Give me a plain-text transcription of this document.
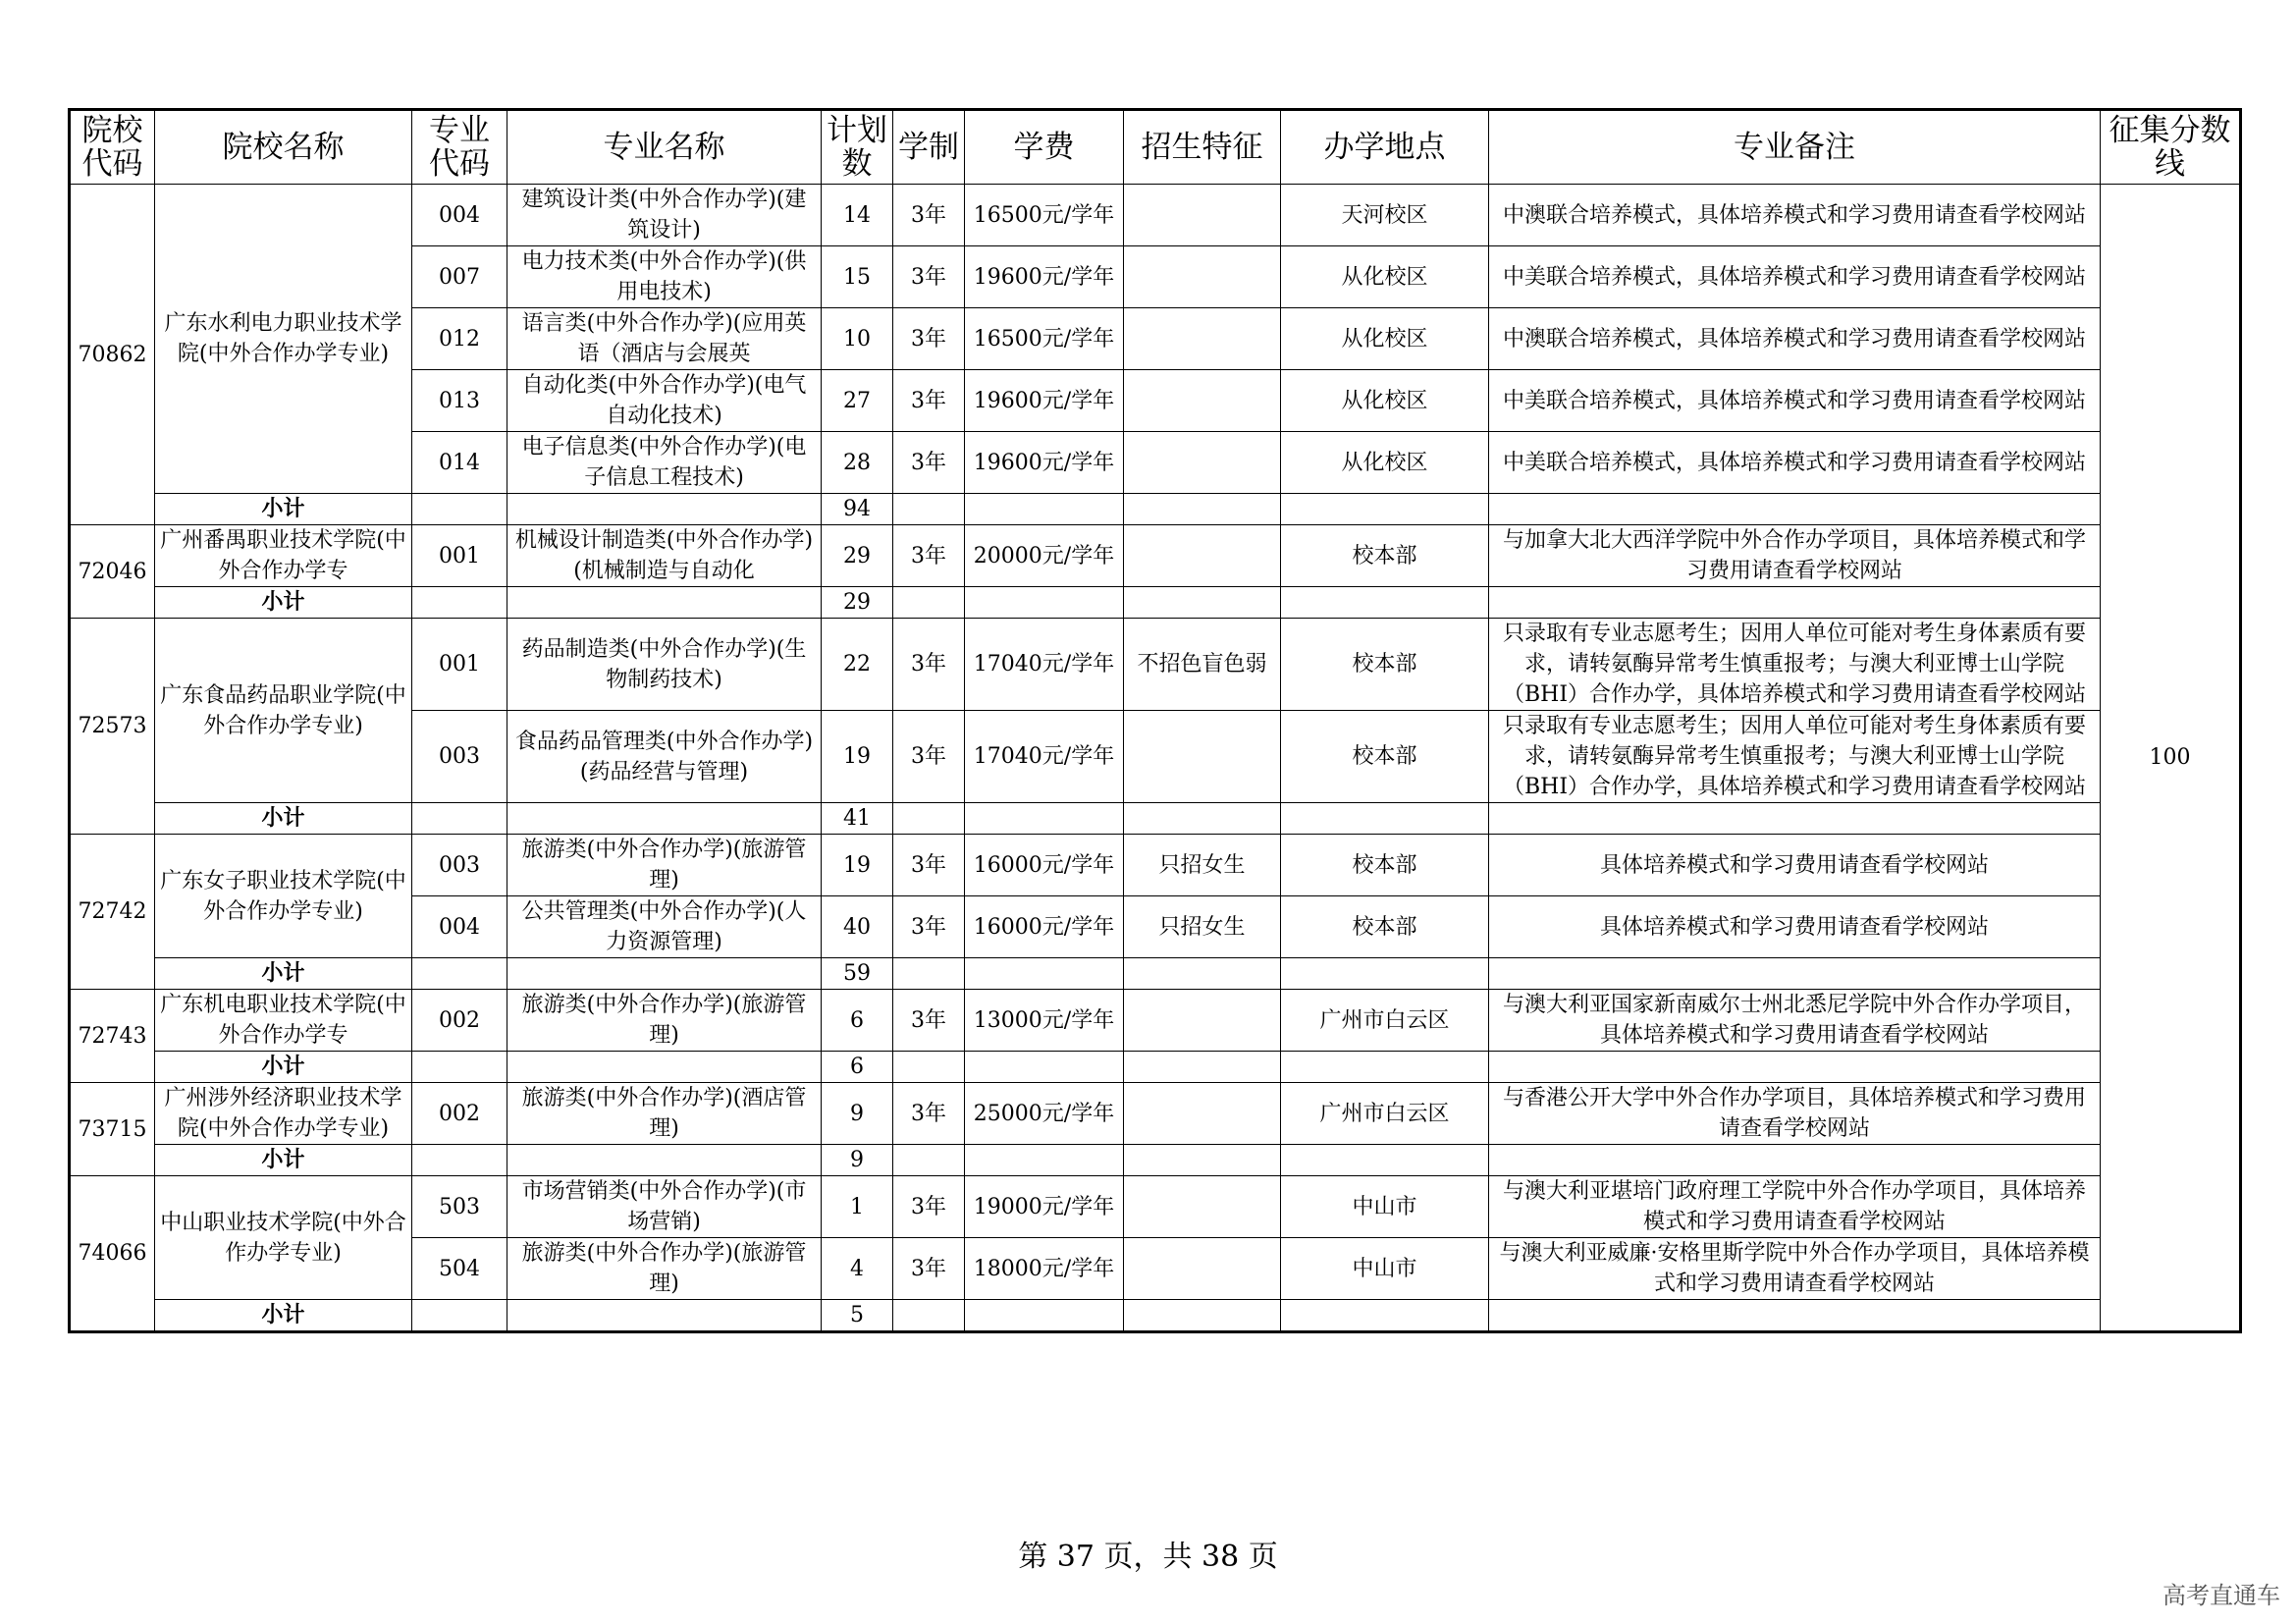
院校代码	院校名称	专业代码	专业名称	计划数	学制	学费	招生特征	办学地点	专业备注	征集分数线
70862	广东水利电力职业技术学院(中外合作办学专业)	004	建筑设计类(中外合作办学)(建筑设计)	14	3年	16500元/学年		天河校区	中澳联合培养模式，具体培养模式和学习费用请查看学校网站	100
		007	电力技术类(中外合作办学)(供用电技术)	15	3年	19600元/学年		从化校区	中美联合培养模式，具体培养模式和学习费用请查看学校网站	
		012	语言类(中外合作办学)(应用英语（酒店与会展英	10	3年	16500元/学年		从化校区	中澳联合培养模式，具体培养模式和学习费用请查看学校网站	
		013	自动化类(中外合作办学)(电气自动化技术)	27	3年	19600元/学年		从化校区	中美联合培养模式，具体培养模式和学习费用请查看学校网站	
		014	电子信息类(中外合作办学)(电子信息工程技术)	28	3年	19600元/学年		从化校区	中美联合培养模式，具体培养模式和学习费用请查看学校网站	
	小计			94						
72046	广州番禺职业技术学院(中外合作办学专	001	机械设计制造类(中外合作办学)(机械制造与自动化	29	3年	20000元/学年		校本部	与加拿大北大西洋学院中外合作办学项目，具体培养模式和学习费用请查看学校网站	
	小计			29						
72573	广东食品药品职业学院(中外合作办学专业)	001	药品制造类(中外合作办学)(生物制药技术)	22	3年	17040元/学年	不招色盲色弱	校本部	只录取有专业志愿考生；因用人单位可能对考生身体素质有要求，请转氨酶异常考生慎重报考；与澳大利亚博士山学院（BHI）合作办学，具体培养模式和学习费用请查看学校网站	
		003	食品药品管理类(中外合作办学)(药品经营与管理)	19	3年	17040元/学年		校本部	只录取有专业志愿考生；因用人单位可能对考生身体素质有要求，请转氨酶异常考生慎重报考；与澳大利亚博士山学院（BHI）合作办学，具体培养模式和学习费用请查看学校网站	
	小计			41						
72742	广东女子职业技术学院(中外合作办学专业)	003	旅游类(中外合作办学)(旅游管理)	19	3年	16000元/学年	只招女生	校本部	具体培养模式和学习费用请查看学校网站	
		004	公共管理类(中外合作办学)(人力资源管理)	40	3年	16000元/学年	只招女生	校本部	具体培养模式和学习费用请查看学校网站	
	小计			59						
72743	广东机电职业技术学院(中外合作办学专	002	旅游类(中外合作办学)(旅游管理)	6	3年	13000元/学年		广州市白云区	与澳大利亚国家新南威尔士州北悉尼学院中外合作办学项目，具体培养模式和学习费用请查看学校网站	
	小计			6						
73715	广州涉外经济职业技术学院(中外合作办学专业)	002	旅游类(中外合作办学)(酒店管理)	9	3年	25000元/学年		广州市白云区	与香港公开大学中外合作办学项目，具体培养模式和学习费用请查看学校网站	
	小计			9						
74066	中山职业技术学院(中外合作办学专业)	503	市场营销类(中外合作办学)(市场营销)	1	3年	19000元/学年		中山市	与澳大利亚堪培门政府理工学院中外合作办学项目，具体培养模式和学习费用请查看学校网站	
		504	旅游类(中外合作办学)(旅游管理)	4	3年	18000元/学年		中山市	与澳大利亚威廉·安格里斯学院中外合作办学项目，具体培养模式和学习费用请查看学校网站	
	小计			5						
第 37 页，共 38 页
高考直通车
